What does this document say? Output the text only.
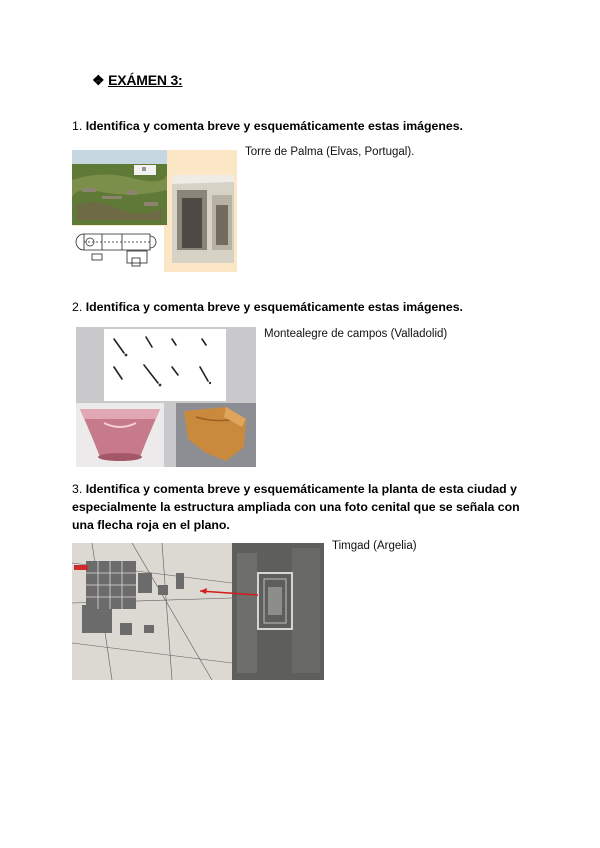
❖ EXÁMEN 3:
1. Identifica y comenta breve y esquemáticamente estas imágenes.
Torre de Palma (Elvas, Portugal).
2. Identifica y comenta breve y esquemáticamente estas imágenes.
Montealegre de campos (Valladolid)
3. Identifica y comenta breve y esquemáticamente la planta de esta ciudad y
especialmente la estructura ampliada con una foto cenital que se señala con
una flecha roja en el plano.
Timgad (Argelia)
